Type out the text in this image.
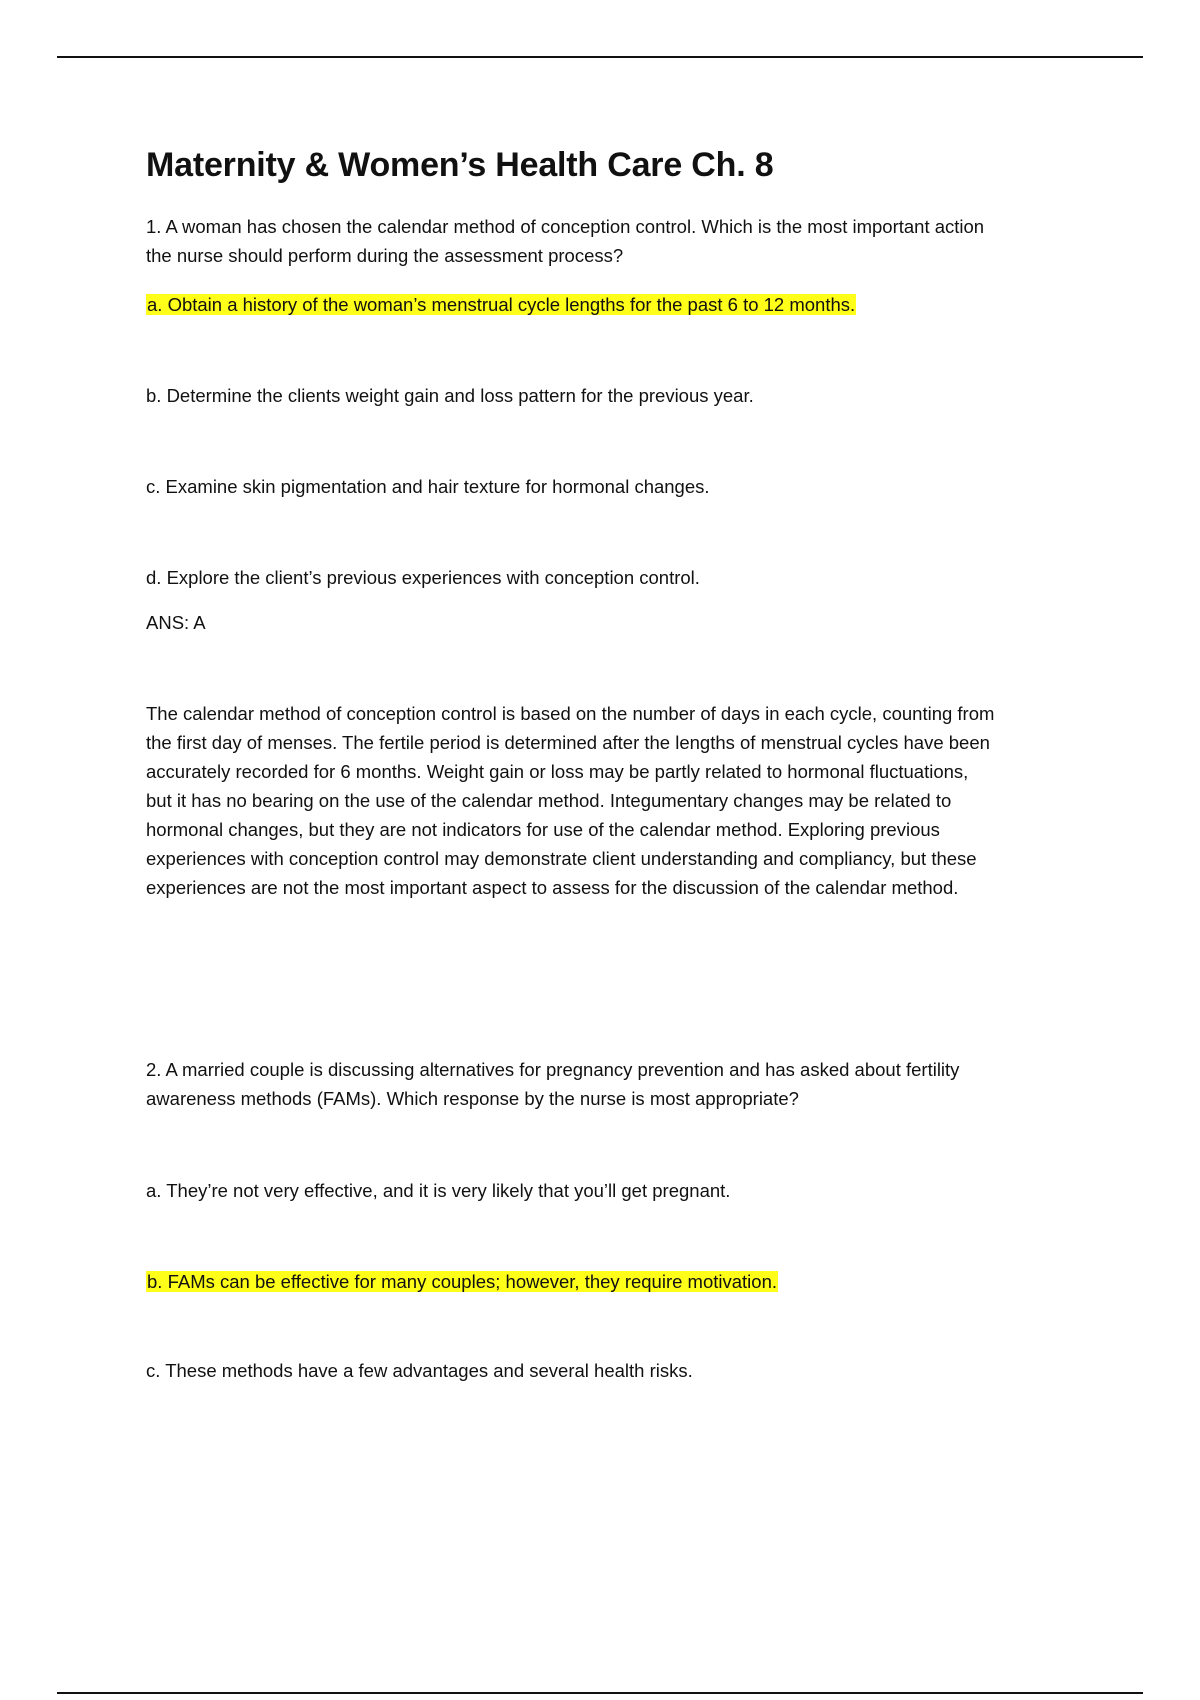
Maternity & Women’s Health Care Ch. 8
1. A woman has chosen the calendar method of conception control. Which is the most important action
the nurse should perform during the assessment process?
a. Obtain a history of the woman’s menstrual cycle lengths for the past 6 to 12 months.
b. Determine the clients weight gain and loss pattern for the previous year.
c. Examine skin pigmentation and hair texture for hormonal changes.
d. Explore the client’s previous experiences with conception control.
ANS: A
The calendar method of conception control is based on the number of days in each cycle, counting from
the first day of menses. The fertile period is determined after the lengths of menstrual cycles have been
accurately recorded for 6 months. Weight gain or loss may be partly related to hormonal fluctuations,
but it has no bearing on the use of the calendar method. Integumentary changes may be related to
hormonal changes, but they are not indicators for use of the calendar method. Exploring previous
experiences with conception control may demonstrate client understanding and compliancy, but these
experiences are not the most important aspect to assess for the discussion of the calendar method.
2. A married couple is discussing alternatives for pregnancy prevention and has asked about fertility
awareness methods (FAMs). Which response by the nurse is most appropriate?
a. They’re not very effective, and it is very likely that you’ll get pregnant.
b. FAMs can be effective for many couples; however, they require motivation.
c. These methods have a few advantages and several health risks.
